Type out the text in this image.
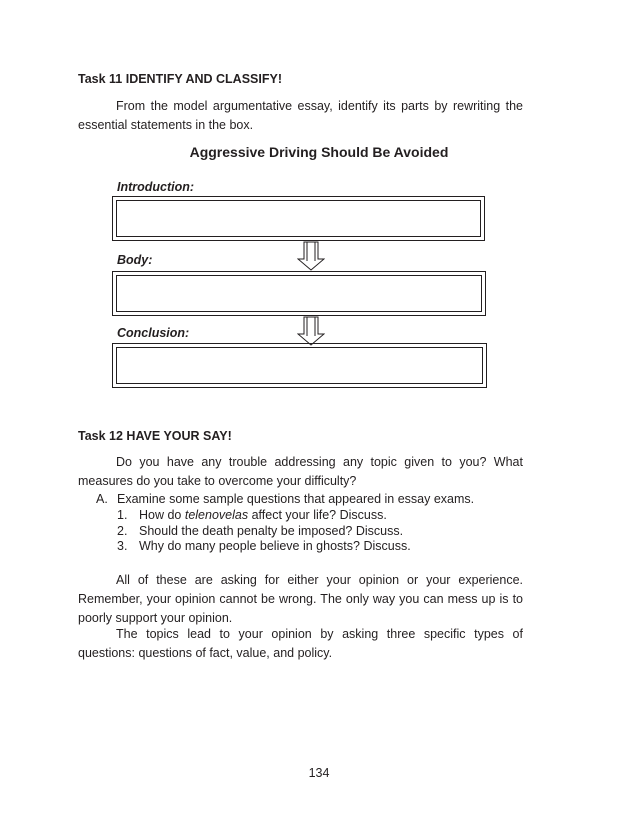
Task 11 IDENTIFY AND CLASSIFY!
From the model argumentative essay, identify its parts by rewriting the essential statements in the box.
Aggressive Driving Should Be Avoided
Introduction:
Body:
Conclusion:
Task 12 HAVE YOUR SAY!
Do you have any trouble addressing any topic given to you? What measures do you take to overcome your difficulty?
A. Examine some sample questions that appeared in essay exams.
1. How do telenovelas affect your life? Discuss.
2. Should the death penalty be imposed? Discuss.
3. Why do many people believe in ghosts? Discuss.
All of these are asking for either your opinion or your experience. Remember, your opinion cannot be wrong. The only way you can mess up is to poorly support your opinion.
The topics lead to your opinion by asking three specific types of questions: questions of fact, value, and policy.
134
